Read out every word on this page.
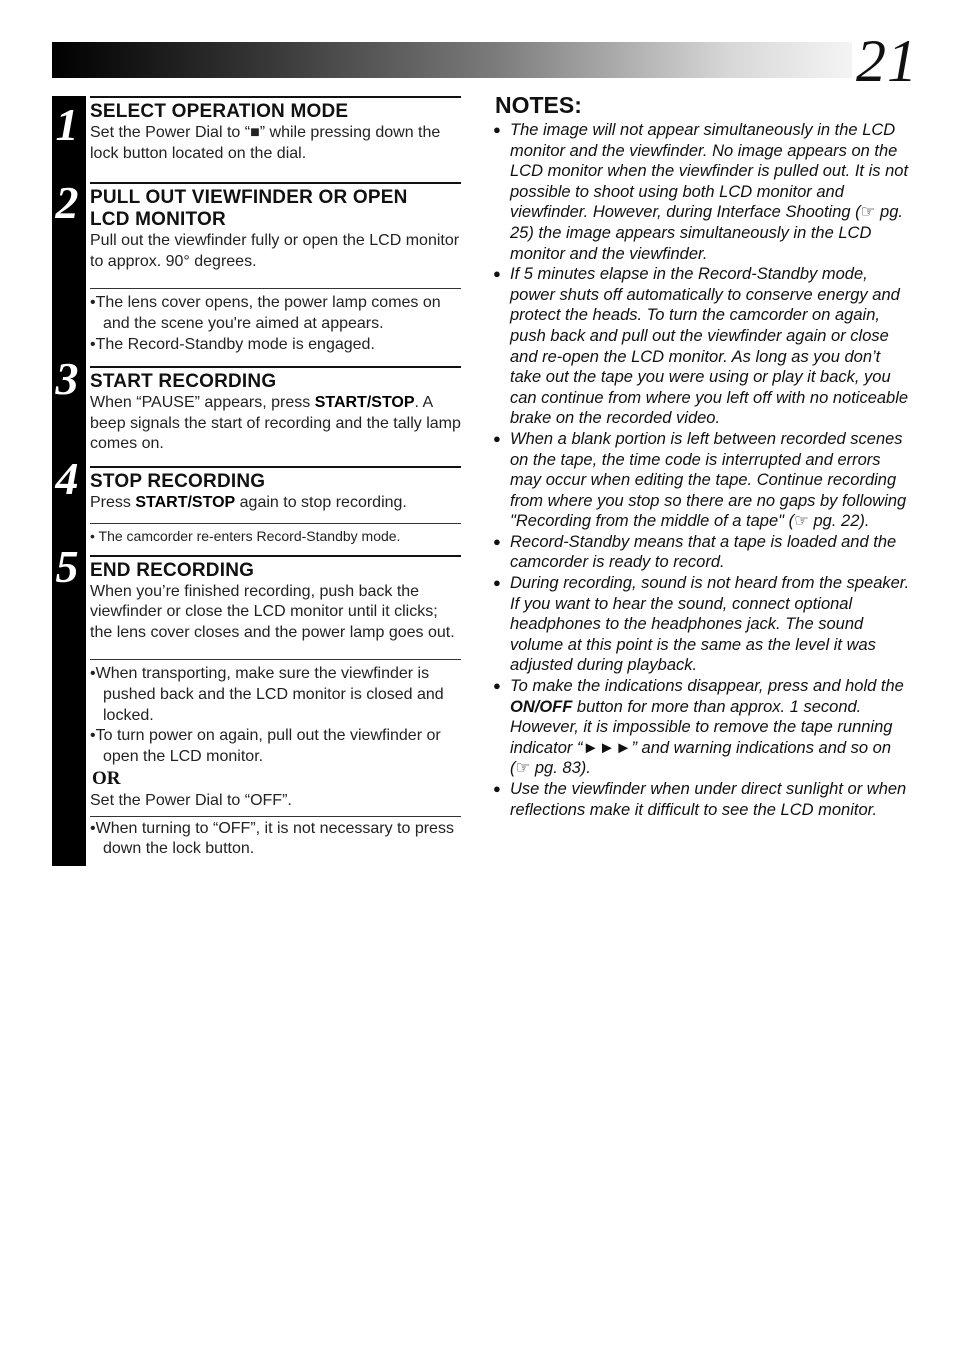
21
1
2
3
4
5
SELECT OPERATION MODE
Set the Power Dial to “■” while pressing down the lock button located on the dial.
PULL OUT VIEWFINDER OR OPEN
LCD MONITOR
Pull out the viewfinder fully or open the LCD monitor to approx. 90° degrees.
•The lens cover opens, the power lamp comes on and the scene you're aimed at appears.
•The Record-Standby mode is engaged.
START RECORDING
When “PAUSE” appears, press START/STOP. A beep signals the start of recording and the tally lamp comes on.
STOP RECORDING
Press START/STOP again to stop recording.
• The camcorder re-enters Record-Standby mode.
END RECORDING
When you’re finished recording, push back the viewfinder or close the LCD monitor until it clicks; the lens cover closes and the power lamp goes out.
•When transporting, make sure the viewfinder is pushed back and the LCD monitor is closed and locked.
•To turn power on again, pull out the viewfinder or open the LCD monitor.
OR
Set the Power Dial to “OFF”.
•When turning to “OFF”, it is not necessary to press down the lock button.
NOTES:
● The image will not appear simultaneously in the LCD monitor and the viewfinder. No image appears on the LCD monitor when the viewfinder is pulled out. It is not possible to shoot using both LCD monitor and viewfinder. However, during Interface Shooting (☞ pg. 25) the image appears simultaneously in the LCD monitor and the viewfinder.
● If 5 minutes elapse in the Record-Standby mode, power shuts off automatically to conserve energy and protect the heads. To turn the camcorder on again, push back and pull out the viewfinder again or close and re-open the LCD monitor. As long as you don’t take out the tape you were using or play it back, you can continue from where you left off with no noticeable brake on the recorded video.
● When a blank portion is left between recorded scenes on the tape, the time code is interrupted and errors may occur when editing the tape. Continue recording from where you stop so there are no gaps by following "Recording from the middle of a tape" (☞ pg. 22).
● Record-Standby means that a tape is loaded and the camcorder is ready to record.
● During recording, sound is not heard from the speaker. If you want to hear the sound, connect optional headphones to the headphones jack. The sound volume at this point is the same as the level it was adjusted during playback.
● To make the indications disappear, press and hold the ON/OFF button for more than approx. 1 second. However, it is impossible to remove the tape running indicator “►►►” and warning indications and so on (☞ pg. 83).
● Use the viewfinder when under direct sunlight or when reflections make it difficult to see the LCD monitor.
